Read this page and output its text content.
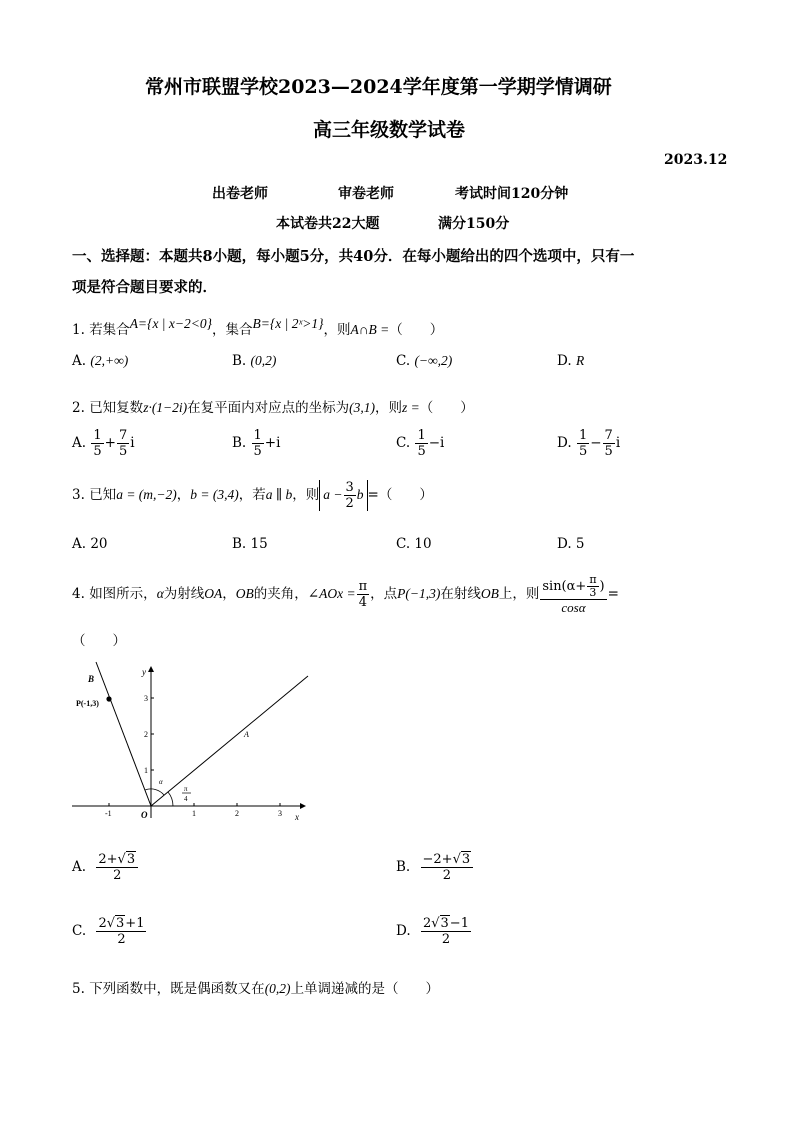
常州市联盟学校2023—2024学年度第一学期学情调研
高三年级数学试卷
2023.12
出卷老师	审卷老师	考试时间120分钟
本试卷共22大题	满分150分
一、选择题：本题共8小题，每小题5分，共40分．在每小题给出的四个选项中，只有一
项是符合题目要求的．
1. 若集合A={x | x−2<0}，集合B={x | 2ˣ>1}，则A∩B =（　　）
A. (2,+∞)	B. (0,2)	C. (−∞,2)	D. R
2. 已知复数z·(1−2i)在复平面内对应点的坐标为(3,1)，则z =（　　）
A. $\frac{1}{5} + \frac{7}{5}$ i	B. $\frac{1}{5} +i$	C. $\frac{1}{5} -i$	D. $\frac{1}{5} - \frac{7}{5}$ i
3. 已知a = (m,−2)，b = (3,4)，若a ∥ b，则 $a - \frac{3}{2}$ b =（　　）
A. 20	B. 15	C. 10	D. 5
4. 如图所示，α为射线OA，OB的夹角，∠AOx = $\frac{\pi}{4}$ ，点P(−1,3)在射线OB上，则 $\frac{\sin(\alpha+ \frac{\pi}{3} )}{\cos\alpha}$ =
（　　）
B
P(-1,3)
y
x
O
A
α
π
4
-1	1	2	3
1
2
3
A. $\frac{2+√3}{2}$	B. $\frac{-2+√3}{2}$
C. $\frac{2√3+1}{2}$	D. $\frac{2√3-1}{2}$
5. 下列函数中，既是偶函数又在(0,2)上单调递减的是（　　）
